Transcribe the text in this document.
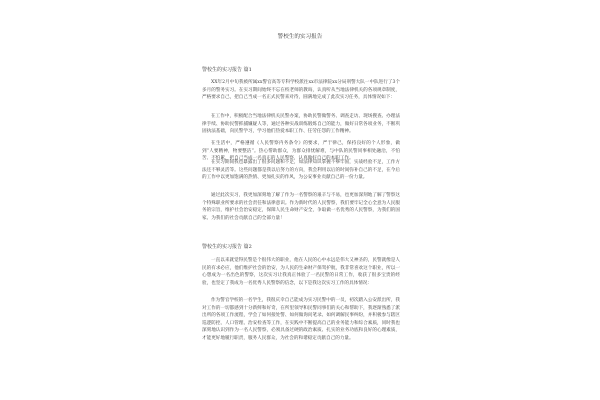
警校生的实习报告
警校生的实习报告 篇1

XX年2月中旬我被所属xx警官高等专科学校派往xx市法律院xx分局刑警大队一中队进行了3个多月的警务实习。在实习期间始终不忘在校老师的教诲，认真听从当地法律机关的各项规章制度，严格要求自己，把自己当成一名正式民警来对待，圆满地完成了此次实习任务，具体情况如下：

在工作中，积极配合当地法律机关民警办案，协助民警做警务、调查走访、现场搜查、办理法律手续、协助民警抓捕嫌疑人等，通过各种实战训练锻炼自己的能力，做好日常各项业务，不断巩固执法基础，向民警学习，学习他们热爱本职工作、任劳任怨的工作精神。

在生活中，严格遵循《人民警察内务条令》的要求，严于律己，保持良好的个人形象，做到“人要精神，物要整洁”。热心帮助群众，为群众排忧解难，与中队的民警同事相处融洽，不怕苦、不怕累，把自己当成一名真正的人民警察，认真做好自己的本职工作。

在实习期间我也暴露出了很多问题和不足，如法律知识掌握不够牢固，实战经验不足，工作方法还不够灵活等。这些问题都是我以后努力的方向，我会利用以后的时间弥补自己的不足，在今后的工作中以更加饱满的热情、更加扎实的作风，为公安事业贡献自己的一份力量。

通过此次实习，我更加深刻地了解了作为一名警察的艰辛与不易，也更加深刻地了解了警察这个特殊职业所要求的社会责任和法律意识。作为新时代的人民警察，我们要牢记全心全意为人民服务的宗旨，维护社会治安稳定，保障人民生命财产安全，争取做一名优秀的人民警察，为我们的国家、为我们的社会贡献自己的全部力量！

警校生的实习报告 篇2

一直以来就觉得民警是个很伟大的职业，他在人民的心中永远是伟大又神圣的，民警就像是人民的有求必应，他们维护社会的治安，为人民的生命财产保驾护航，我非常喜欢这个职业，所以一心想成为一名出色的警察，这次实习让我真正体验了一名民警的日常工作，收获了很多宝贵的经验，也坚定了我成为一名优秀人民警察的信念，以下是我这次实习工作的具体情况：

作为警官学校的一名学生，我很庆幸自己能成为实习民警中的一员，初次踏入公安派出所，我对工作的一切都感到十分新鲜和好奇，在所里领导和民警同事们的关心和帮助下，我逐渐熟悉了派出所的各项工作流程，学会了如何接处警、如何做询问笔录、如何调解民事纠纷，并积极参与辖区巡逻防控、人口管理、治安检查等工作，在实践中不断提高自己的业务能力和综合素质，同时我也深刻地认识到作为一名人民警察，必须具备过硬的政治素质、扎实的业务功底和良好的心理素质，才能更好地履行职责，服务人民群众，为社会的和谐稳定贡献自己的力量。
